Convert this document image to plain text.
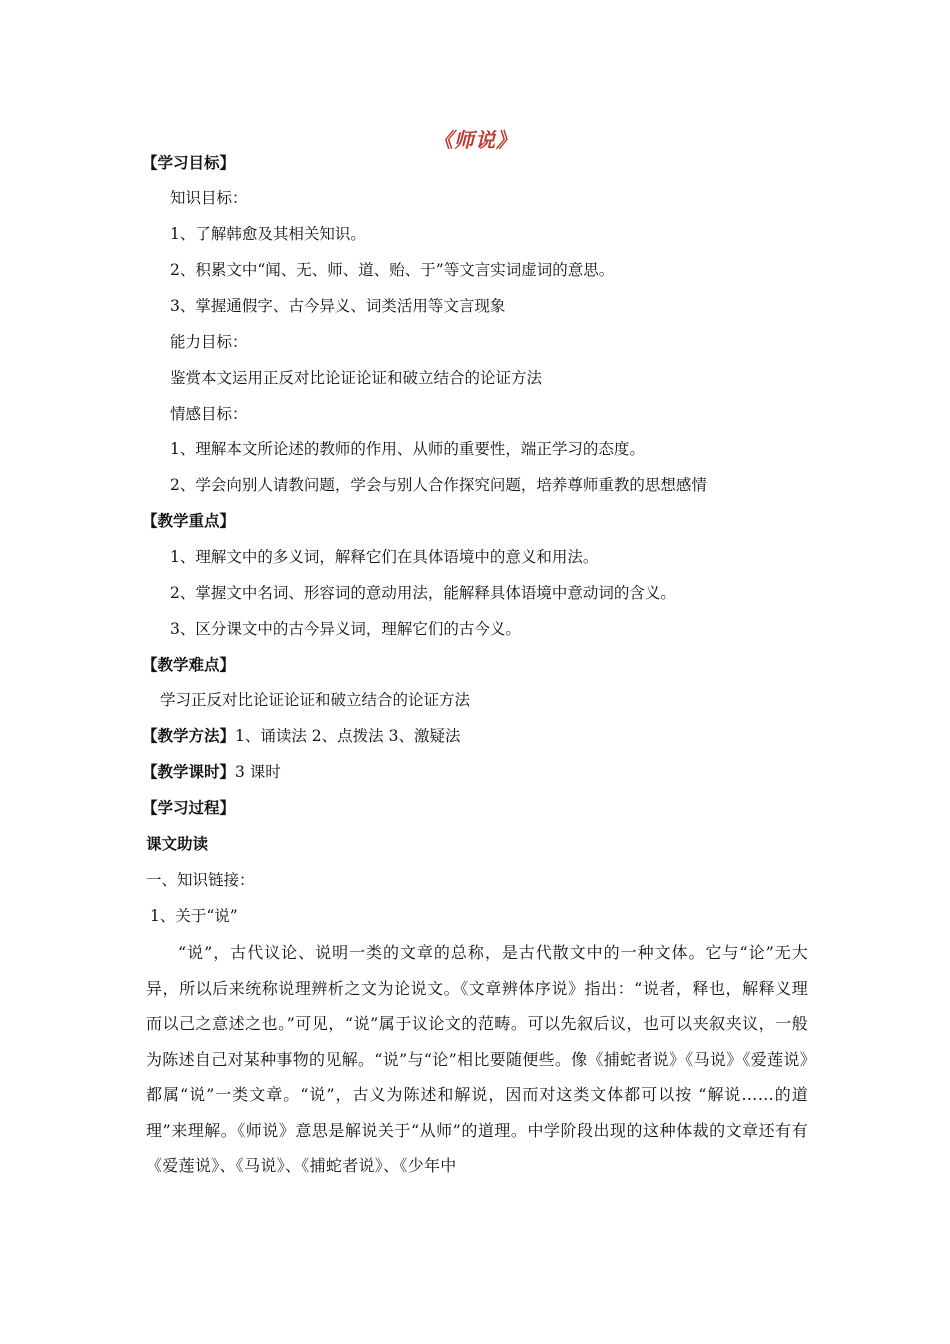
《师说》
【学习目标】
知识目标：
1、了解韩愈及其相关知识。
2、积累文中“闻、无、师、道、贻、于”等文言实词虚词的意思。
3、掌握通假字、古今异义、词类活用等文言现象
能力目标：
鉴赏本文运用正反对比论证论证和破立结合的论证方法
情感目标：
1、理解本文所论述的教师的作用、从师的重要性，端正学习的态度。
2、学会向别人请教问题，学会与别人合作探究问题，培养尊师重教的思想感情
【教学重点】
1、理解文中的多义词，解释它们在具体语境中的意义和用法。
2、掌握文中名词、形容词的意动用法，能解释具体语境中意动词的含义。
3、区分课文中的古今异义词，理解它们的古今义。
【教学难点】
学习正反对比论证论证和破立结合的论证方法
【教学方法】1、诵读法 2、点拨法 3、激疑法
【教学课时】3 课时
【学习过程】
课文助读
一、知识链接：
1、关于“说”
“说”，古代议论、说明一类的文章的总称，是古代散文中的一种文体。它与“论”无大异，所以后来统称说理辨析之文为论说文。《文章辨体序说》指出：“说者，释也，解释义理而以己之意述之也。”可见，“说”属于议论文的范畴。可以先叙后议，也可以夹叙夹议，一般为陈述自己对某种事物的见解。“说”与“论”相比要随便些。像《捕蛇者说》《马说》《爱莲说》都属“说”一类文章。“说”，古义为陈述和解说，因而对这类文体都可以按 “解说……的道理”来理解。《师说》意思是解说关于“从师”的道理。中学阶段出现的这种体裁的文章还有有《爱莲说》、《马说》、《捕蛇者说》、《少年中
